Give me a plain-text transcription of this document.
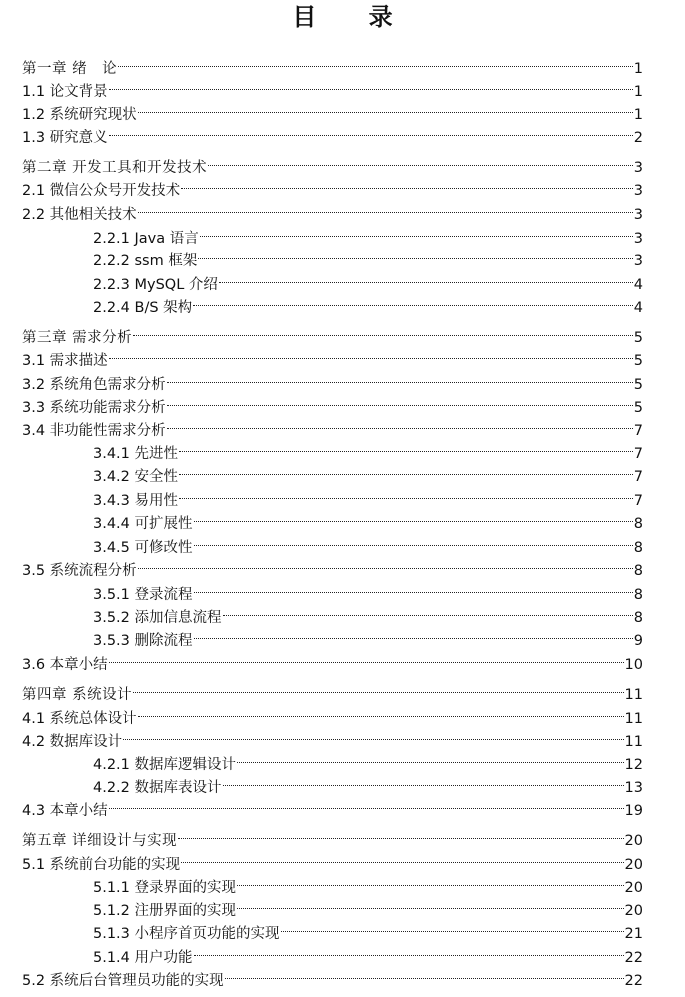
目 录
第一章 绪　论	1
1.1 论文背景	1
1.2 系统研究现状	1
1.3 研究意义	2
第二章 开发工具和开发技术	3
2.1 微信公众号开发技术	3
2.2 其他相关技术	3
2.2.1 Java 语言	3
2.2.2 ssm 框架	3
2.2.3 MySQL 介绍	4
2.2.4 B/S 架构	4
第三章 需求分析	5
3.1 需求描述	5
3.2 系统角色需求分析	5
3.3 系统功能需求分析	5
3.4 非功能性需求分析	7
3.4.1 先进性	7
3.4.2 安全性	7
3.4.3 易用性	7
3.4.4 可扩展性	8
3.4.5 可修改性	8
3.5 系统流程分析	8
3.5.1 登录流程	8
3.5.2 添加信息流程	8
3.5.3 删除流程	9
3.6 本章小结	10
第四章 系统设计	11
4.1 系统总体设计	11
4.2 数据库设计	11
4.2.1 数据库逻辑设计	12
4.2.2 数据库表设计	13
4.3 本章小结	19
第五章 详细设计与实现	20
5.1 系统前台功能的实现	20
5.1.1 登录界面的实现	20
5.1.2 注册界面的实现	20
5.1.3 小程序首页功能的实现	21
5.1.4 用户功能	22
5.2 系统后台管理员功能的实现	22
